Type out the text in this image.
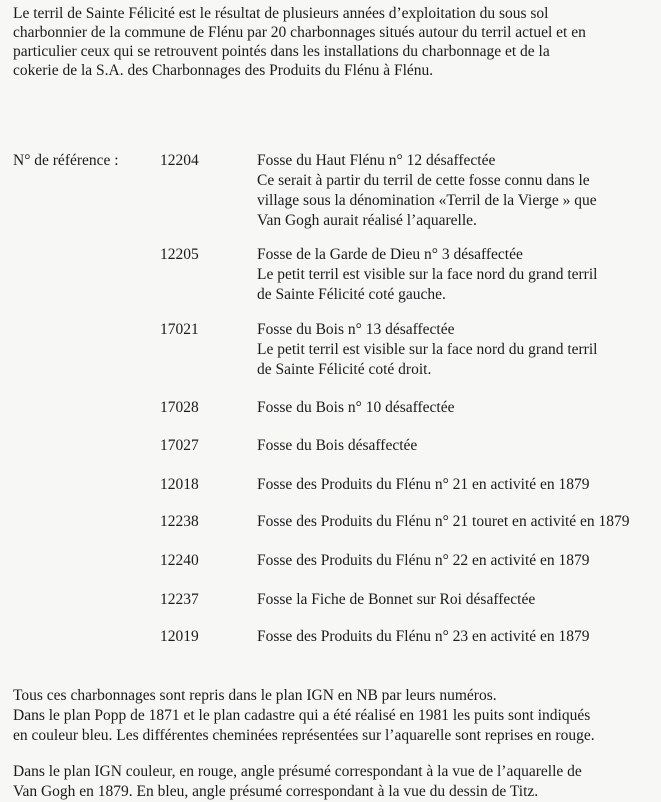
Le terril de Sainte Félicité est le résultat de plusieurs années d’exploitation du sous sol
charbonnier de la commune de Flénu par 20 charbonnages situés autour du terril actuel et en
particulier ceux qui se retrouvent pointés dans les installations du charbonnage et de la
cokerie de la S.A. des Charbonnages des Produits du Flénu à Flénu.

N° de référence :	12204	Fosse du Haut Flénu n° 12 désaffectée
Ce serait à partir du terril de cette fosse connu dans le
village sous la dénomination «Terril de la Vierge » que
Van Gogh aurait réalisé l’aquarelle.
12205	Fosse de la Garde de Dieu n° 3 désaffectée
Le petit terril est visible sur la face nord du grand terril
de Sainte Félicité coté gauche.
17021	Fosse du Bois n° 13 désaffectée
Le petit terril est visible sur la face nord du grand terril
de Sainte Félicité coté droit.
17028	Fosse du Bois n° 10 désaffectée
17027	Fosse du Bois désaffectée
12018	Fosse des Produits du Flénu n° 21 en activité en 1879
12238	Fosse des Produits du Flénu n° 21 touret en activité en 1879
12240	Fosse des Produits du Flénu n° 22 en activité en 1879
12237	Fosse la Fiche de Bonnet sur Roi désaffectée
12019	Fosse des Produits du Flénu n° 23 en activité en 1879
Tous ces charbonnages sont repris dans le plan IGN en NB par leurs numéros.
Dans le plan Popp de 1871 et le plan cadastre qui a été réalisé en 1981 les puits sont indiqués
en couleur bleu. Les différentes cheminées représentées sur l’aquarelle sont reprises en rouge.
Dans le plan IGN couleur, en rouge, angle présumé correspondant à la vue de l’aquarelle de
Van Gogh en 1879. En bleu, angle présumé correspondant à la vue du dessin de Titz.
